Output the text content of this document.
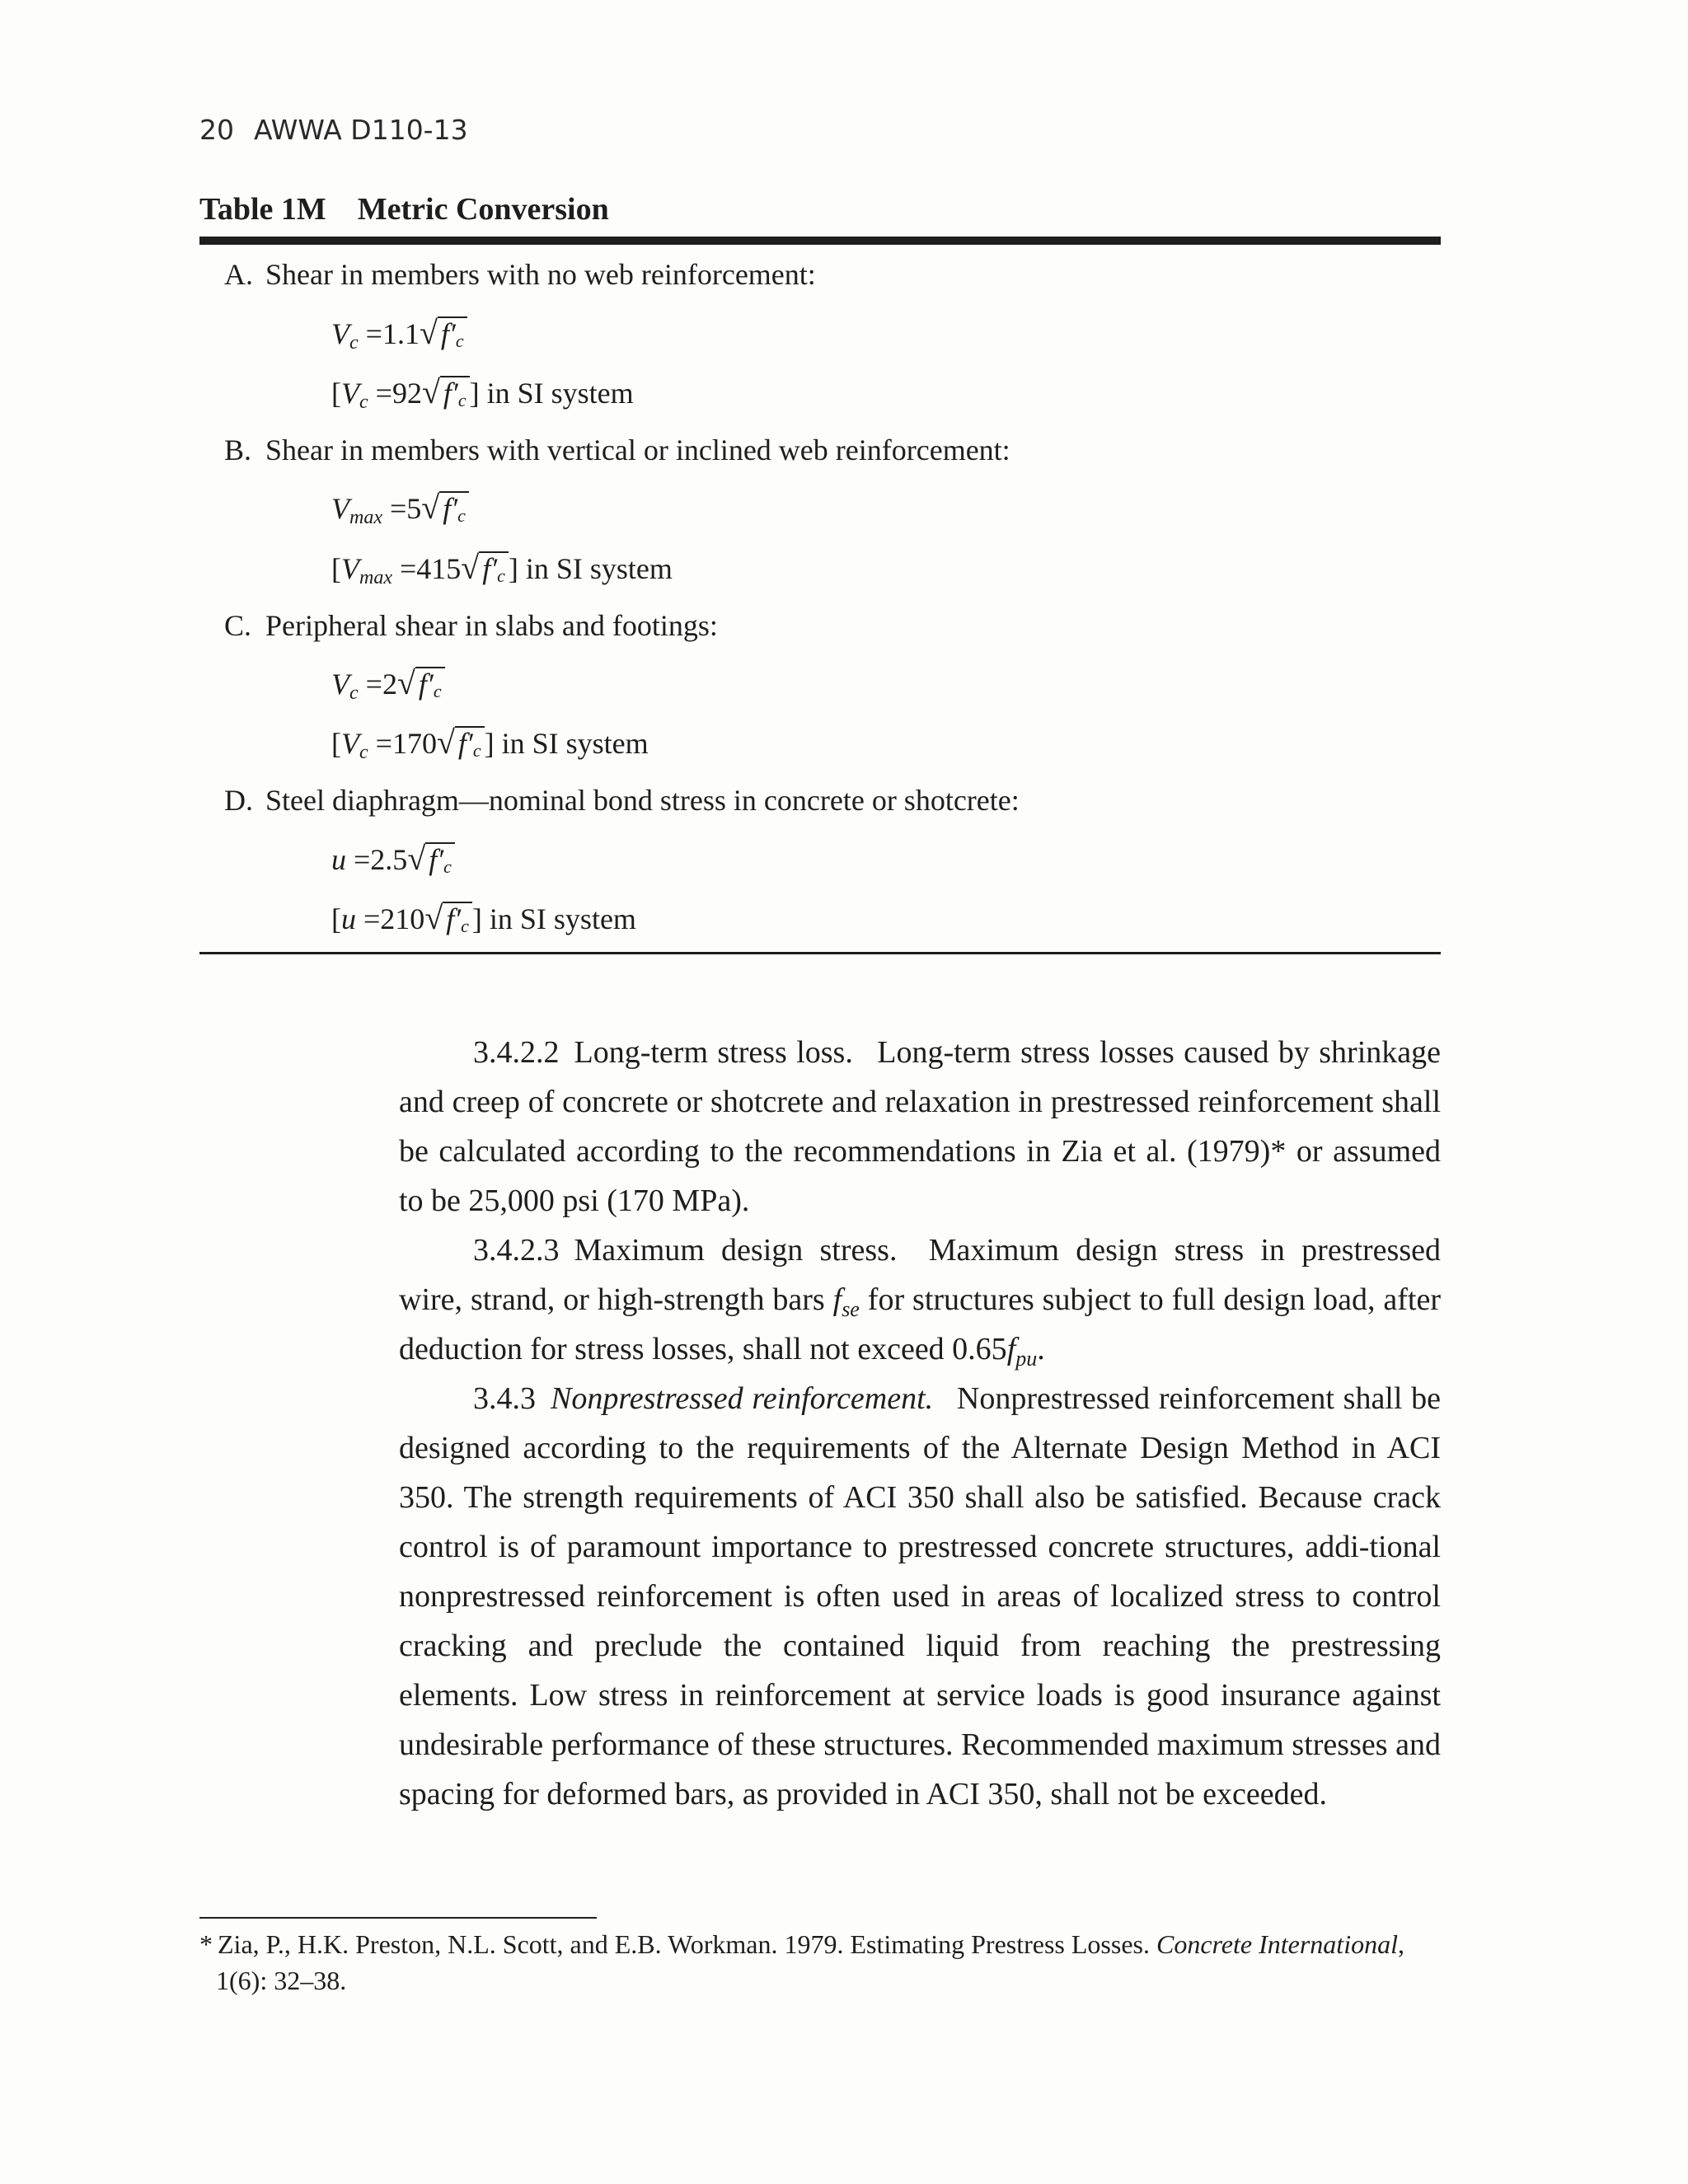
20 AWWA D110-13
Table 1M Metric Conversion
A. Shear in members with no web reinforcement:
$V_c =1.1√$ $f'_c$
[$V_c =92√$ $f'_c$ ] in SI system
B. Shear in members with vertical or inclined web reinforcement:
$V_{max} =5√$ $f'_c$
[$V_{max} =415√$ $f'_c$ ] in SI system
C. Peripheral shear in slabs and footings:
$V_c =2√$ $f'_c$
[$V_c =170√$ $f'_c$ ] in SI system
D. Steel diaphragm—nominal bond stress in concrete or shotcrete:
u =2.5√ $f'_c$
[u =210√ $f'_c$ ] in SI system

3.4.2.2 Long-term stress loss. Long-term stress losses caused by shrinkage and creep of concrete or shotcrete and relaxation in prestressed reinforcement shall be calculated according to the recommendations in Zia et al. (1979)* or assumed to be 25,000 psi (170 MPa).

3.4.2.3 Maximum design stress. Maximum design stress in prestressed wire, strand, or high-strength bars $f_{se}$ for structures subject to full design load, after deduction for stress losses, shall not exceed $0.65f_{pu}$.

3.4.3 Nonprestressed reinforcement. Nonprestressed reinforcement shall be designed according to the requirements of the Alternate Design Method in ACI 350. The strength requirements of ACI 350 shall also be satisfied. Because crack control is of paramount importance to prestressed concrete structures, addi-tional nonprestressed reinforcement is often used in areas of localized stress to control cracking and preclude the contained liquid from reaching the prestressing elements. Low stress in reinforcement at service loads is good insurance against undesirable performance of these structures. Recommended maximum stresses and spacing for deformed bars, as provided in ACI 350, shall not be exceeded.

* Zia, P., H.K. Preston, N.L. Scott, and E.B. Workman. 1979. Estimating Prestress Losses. Concrete International,
1(6): 32–38.
